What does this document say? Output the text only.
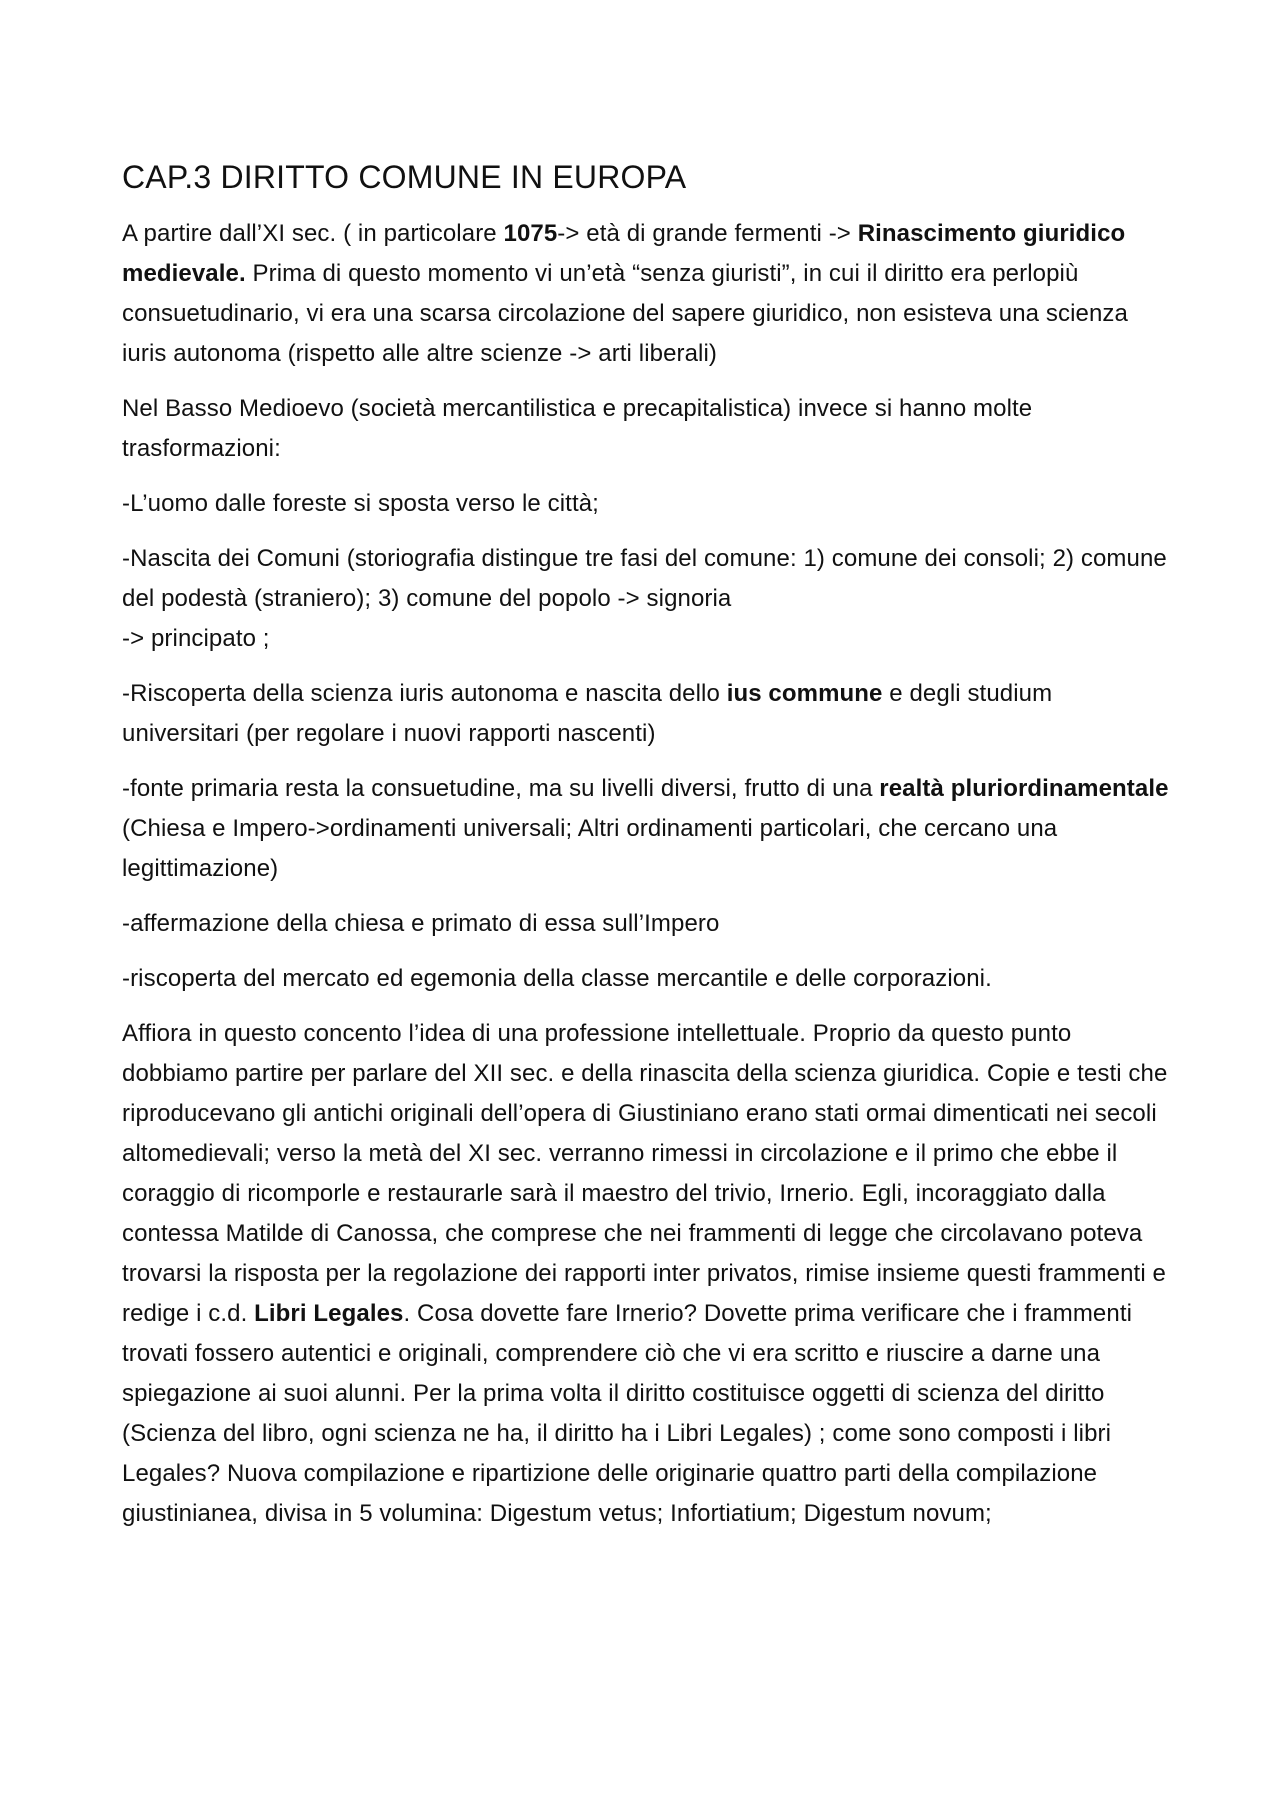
CAP.3 DIRITTO COMUNE IN EUROPA

A partire dall’XI sec. ( in particolare 1075-> età di grande fermenti -> Rinascimento giuridico medievale. Prima di questo momento vi un’età “senza giuristi”, in cui il diritto era perlopiù consuetudinario, vi era una scarsa circolazione del sapere giuridico, non esisteva una scienza iuris autonoma (rispetto alle altre scienze -> arti liberali)

Nel Basso Medioevo (società mercantilistica e precapitalistica) invece si hanno molte trasformazioni:

-L’uomo dalle foreste si sposta verso le città;

-Nascita dei Comuni (storiografia distingue tre fasi del comune: 1) comune dei consoli; 2) comune del podestà (straniero); 3) comune del popolo -> signoria
-> principato ;

-Riscoperta della scienza iuris autonoma e nascita dello ius commune e degli studium universitari (per regolare i nuovi rapporti nascenti)

-fonte primaria resta la consuetudine, ma su livelli diversi, frutto di una realtà pluriordinamentale (Chiesa e Impero->ordinamenti universali; Altri ordinamenti particolari, che cercano una legittimazione)

-affermazione della chiesa e primato di essa sull’Impero

-riscoperta del mercato ed egemonia della classe mercantile e delle corporazioni.

Affiora in questo concento l’idea di una professione intellettuale. Proprio da questo punto dobbiamo partire per parlare del XII sec. e della rinascita della scienza giuridica. Copie e testi che riproducevano gli antichi originali dell’opera di Giustiniano erano stati ormai dimenticati nei secoli altomedievali; verso la metà del XI sec. verranno rimessi in circolazione e il primo che ebbe il coraggio di ricomporle e restaurarle sarà il maestro del trivio, Irnerio. Egli, incoraggiato dalla contessa Matilde di Canossa, che comprese che nei frammenti di legge che circolavano poteva trovarsi la risposta per la regolazione dei rapporti inter privatos, rimise insieme questi frammenti e redige i c.d. Libri Legales. Cosa dovette fare Irnerio? Dovette prima verificare che i frammenti trovati fossero autentici e originali, comprendere ciò che vi era scritto e riuscire a darne una spiegazione ai suoi alunni. Per la prima volta il diritto costituisce oggetti di scienza del diritto (Scienza del libro, ogni scienza ne ha, il diritto ha i Libri Legales) ; come sono composti i libri Legales? Nuova compilazione e ripartizione delle originarie quattro parti della compilazione giustinianea, divisa in 5 volumina: Digestum vetus; Infortiatium; Digestum novum;
